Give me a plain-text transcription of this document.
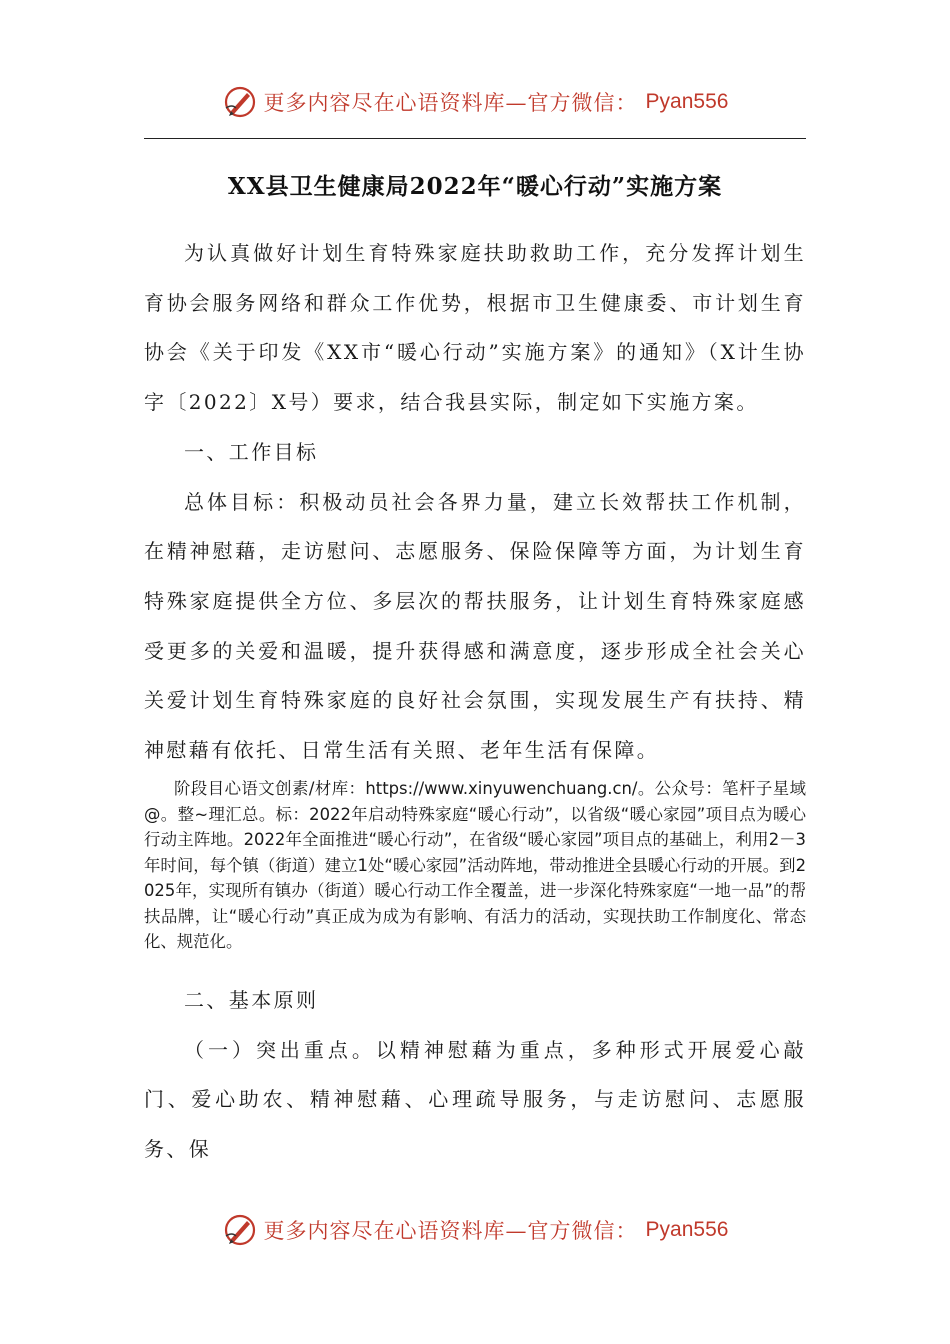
更多内容尽在心语资料库—官方微信： Pyan556
XX县卫生健康局2022年“暖心行动”实施方案

为认真做好计划生育特殊家庭扶助救助工作，充分发挥计划生育协会服务网络和群众工作优势，根据市卫生健康委、市计划生育协会《关于印发《XX市“暖心行动”实施方案》的通知》（X计生协字〔2022〕X号）要求，结合我县实际，制定如下实施方案。

一、工作目标

总体目标：积极动员社会各界力量，建立长效帮扶工作机制，在精神慰藉，走访慰问、志愿服务、保险保障等方面，为计划生育特殊家庭提供全方位、多层次的帮扶服务，让计划生育特殊家庭感受更多的关爱和温暖，提升获得感和满意度，逐步形成全社会关心关爱计划生育特殊家庭的良好社会氛围，实现发展生产有扶持、精神慰藉有依托、日常生活有关照、老年生活有保障。

阶段目心语文创素/材库：https://www.xinyuwenchuang.cn/。公众号：笔杆子星域@。整~理汇总。标：2022年启动特殊家庭“暖心行动”，以省级“暖心家园”项目点为暖心行动主阵地。2022年全面推进“暖心行动”，在省级“暖心家园”项目点的基础上，利用2－3年时间，每个镇（街道）建立1处“暖心家园”活动阵地，带动推进全县暖心行动的开展。到2025年，实现所有镇办（街道）暖心行动工作全覆盖，进一步深化特殊家庭“一地一品”的帮扶品牌，让“暖心行动”真正成为成为有影响、有活力的活动，实现扶助工作制度化、常态化、规范化。

二、基本原则

（一）突出重点。以精神慰藉为重点，多种形式开展爱心敲门、爱心助农、精神慰藉、心理疏导服务，与走访慰问、志愿服务、保

更多内容尽在心语资料库—官方微信： Pyan556
